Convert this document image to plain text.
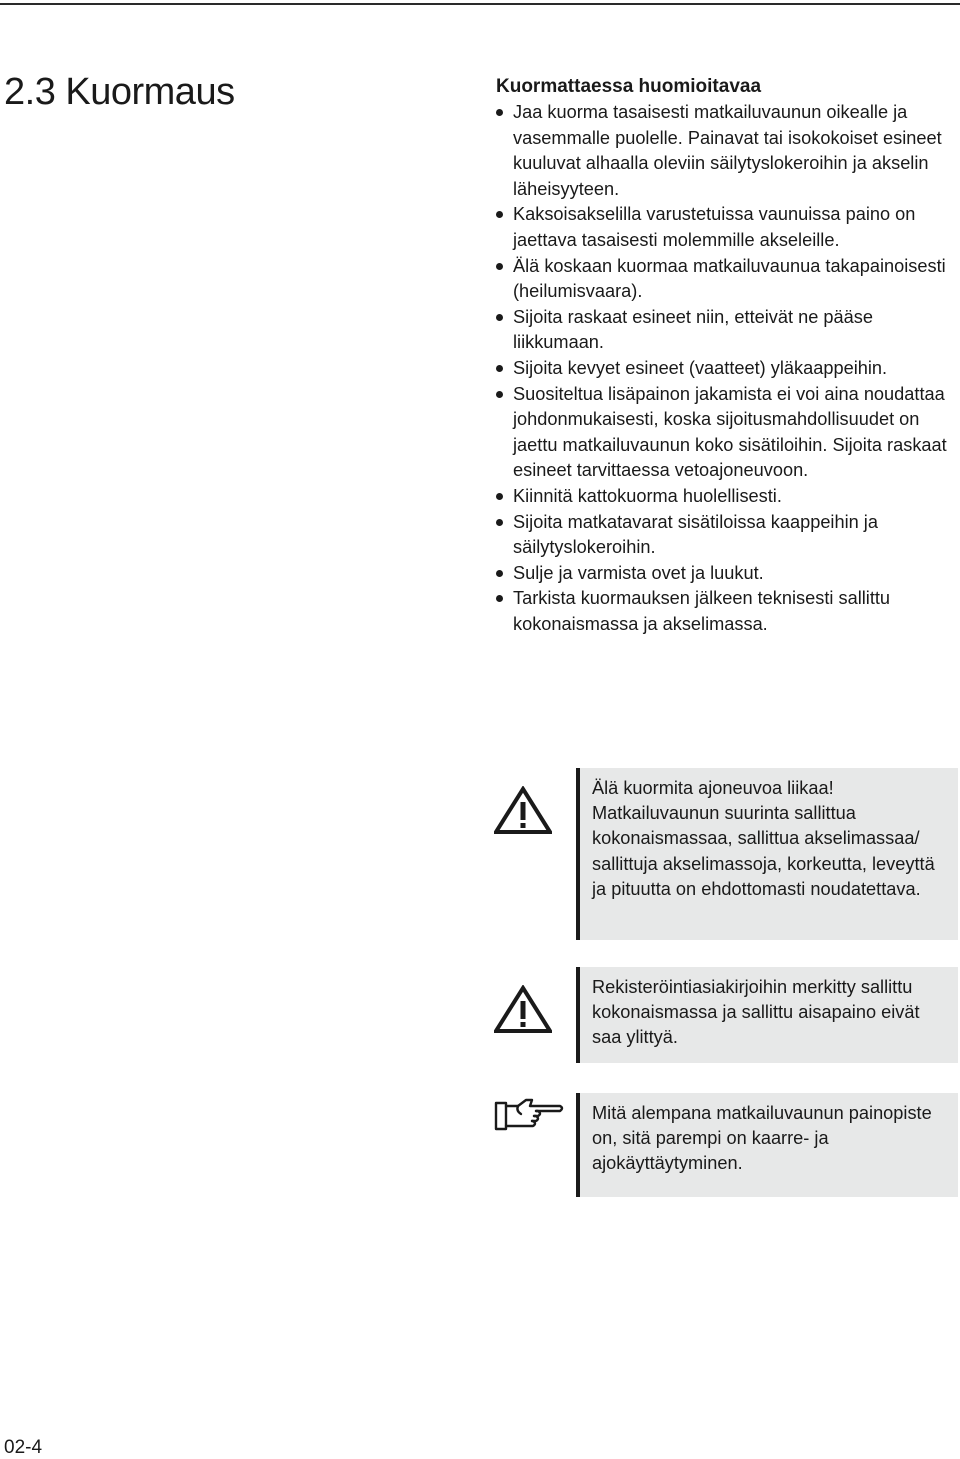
2.3 Kuormaus	Kuormattaessa huomioitavaa
Jaa kuorma tasaisesti matkailuvaunun oikealle ja vasemmalle puolelle. Painavat tai isokokoiset esineet kuuluvat alhaalla oleviin säilytyslokeroihin ja akselin läheisyyteen.
Kaksoisakselilla varustetuissa vaunuissa paino on jaettava tasaisesti molemmille akseleille.
Älä koskaan kuormaa matkailuvaunua takapainoisesti (heilumisvaara).
Sijoita raskaat esineet niin, etteivät ne pääse liikkumaan.
Sijoita kevyet esineet (vaatteet) yläkaappeihin.
Suositeltua lisäpainon jakamista ei voi aina noudattaa johdonmukaisesti, koska sijoitusmahdollisuudet on jaettu matkailuvaunun koko sisätiloihin. Sijoita raskaat esineet tarvittaessa vetoajoneuvoon.
Kiinnitä kattokuorma huolellisesti.
Sijoita matkatavarat sisätiloissa kaappeihin ja säilytyslokeroihin.
Sulje ja varmista ovet ja luukut.
Tarkista kuormauksen jälkeen teknisesti sallittu kokonaismassa ja akselimassa.
Älä kuormita ajoneuvoa liikaa! Matkailuvaunun suurinta sallittua kokonaismassaa, sallittua akselimassaa/ sallittuja akselimassoja, korkeutta, leveyttä ja pituutta on ehdottomasti noudatettava.
Rekisteröintiasiakirjoihin merkitty sallittu kokonaismassa ja sallittu aisapaino eivät saa ylittyä.
Mitä alempana matkailuvaunun painopiste on, sitä parempi on kaarre- ja ajokäyttäytyminen.
02-4
